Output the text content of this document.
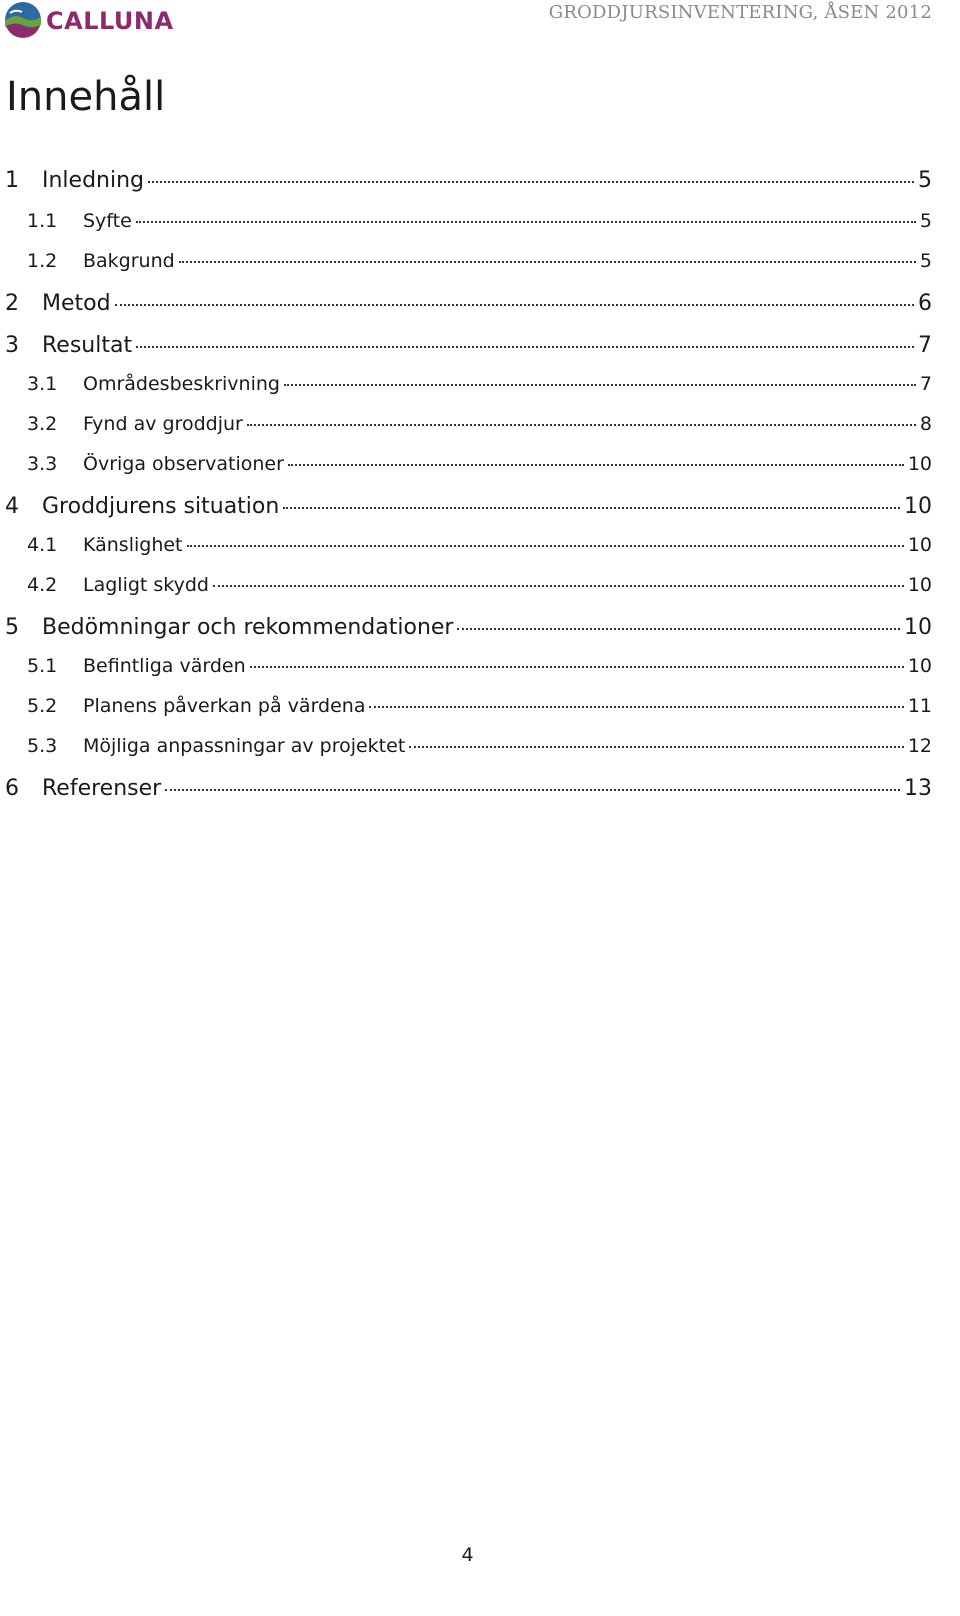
CALLUNA	GRODDJURSINVENTERING, ÅSEN 2012
Innehåll
1	Inledning	5
1.1	Syfte	5
1.2	Bakgrund	5
2	Metod	6
3	Resultat	7
3.1	Områdesbeskrivning	7
3.2	Fynd av groddjur	8
3.3	Övriga observationer	10
4	Groddjurens situation	10
4.1	Känslighet	10
4.2	Lagligt skydd	10
5	Bedömningar och rekommendationer	10
5.1	Befintliga värden	10
5.2	Planens påverkan på värdena	11
5.3	Möjliga anpassningar av projektet	12
6	Referenser	13
4
